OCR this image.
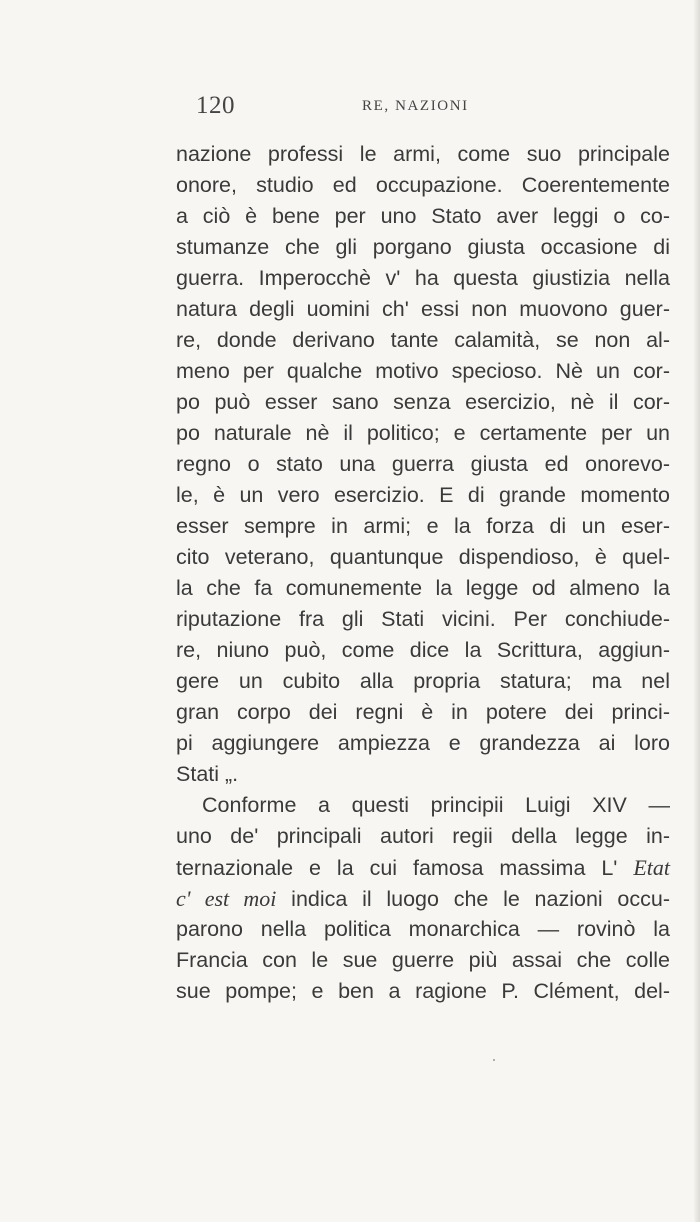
120	RE, NAZIONI
nazione professi le armi, come suo principale
onore, studio ed occupazione. Coerentemente
a ciò è bene per uno Stato aver leggi o co-
stumanze che gli porgano giusta occasione di
guerra. Imperocchè v' ha questa giustizia nella
natura degli uomini ch' essi non muovono guer-
re, donde derivano tante calamità, se non al-
meno per qualche motivo specioso. Nè un cor-
po può esser sano senza esercizio, nè il cor-
po naturale nè il politico; e certamente per un
regno o stato una guerra giusta ed onorevo-
le, è un vero esercizio. E di grande momento
esser sempre in armi; e la forza di un eser-
cito veterano, quantunque dispendioso, è quel-
la che fa comunemente la legge od almeno la
riputazione fra gli Stati vicini. Per conchiude-
re, niuno può, come dice la Scrittura, aggiun-
gere un cubito alla propria statura; ma nel
gran corpo dei regni è in potere dei princi-
pi aggiungere ampiezza e grandezza ai loro
Stati „.
Conforme a questi principii Luigi XIV —
uno de' principali autori regii della legge in-
ternazionale e la cui famosa massima L' Etat
c' est moi indica il luogo che le nazioni occu-
parono nella politica monarchica — rovinò la
Francia con le sue guerre più assai che colle
sue pompe; e ben a ragione P. Clément, del-
